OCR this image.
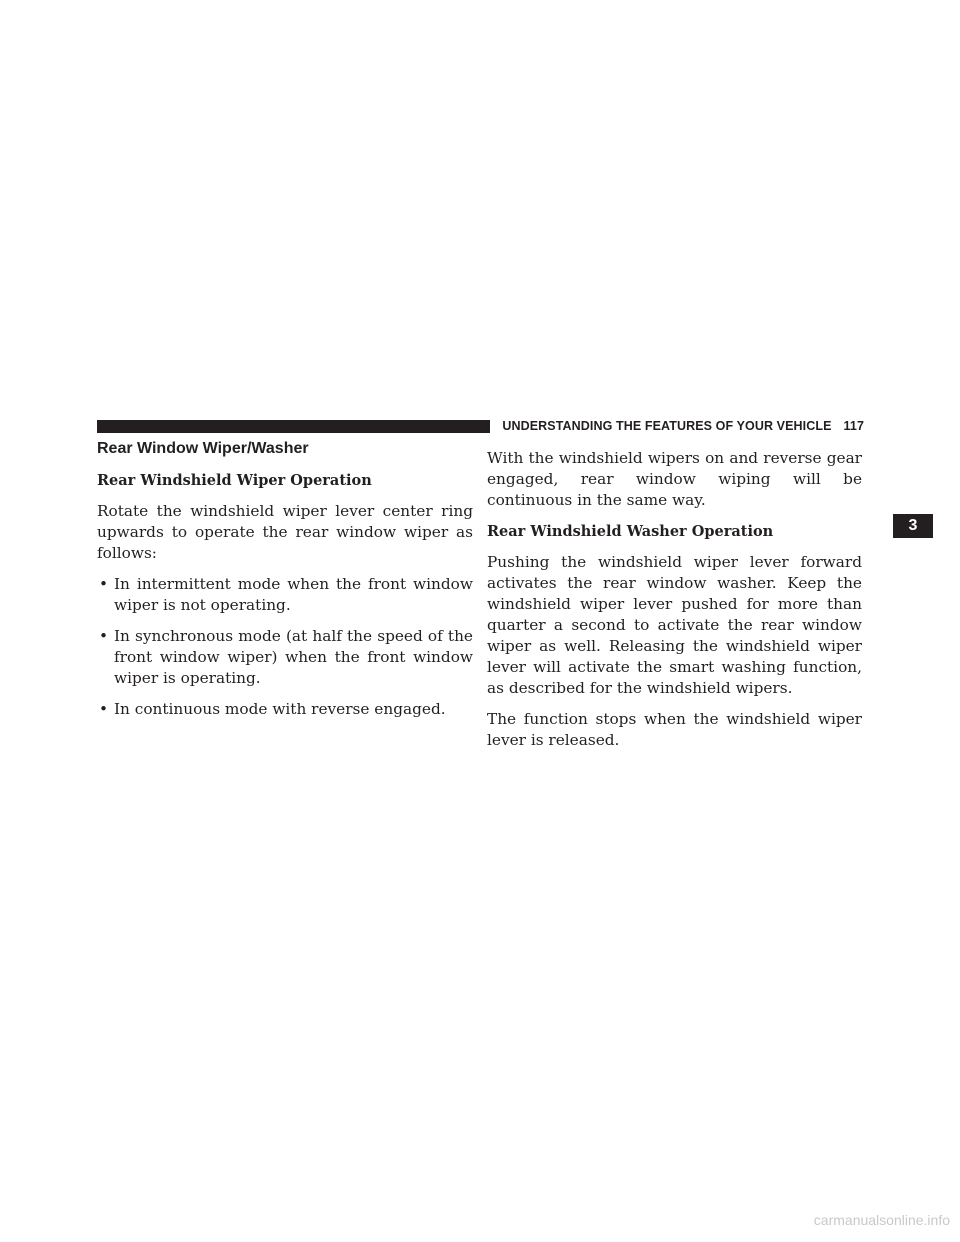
UNDERSTANDING THE FEATURES OF YOUR VEHICLE 117
Rear Window Wiper/Washer
Rear Windshield Wiper Operation

Rotate the windshield wiper lever center ring upwards to operate the rear window wiper as follows:

• In intermittent mode when the front window wiper is not operating.
• In synchronous mode (at half the speed of the front window wiper) when the front window wiper is operating.
• In continuous mode with reverse engaged.

With the windshield wipers on and reverse gear engaged, rear window wiping will be continuous in the same way.

Rear Windshield Washer Operation

Pushing the windshield wiper lever forward activates the rear window washer. Keep the windshield wiper lever pushed for more than quarter a second to activate the rear window wiper as well. Releasing the windshield wiper lever will activate the smart washing function, as described for the windshield wipers.

The function stops when the windshield wiper lever is released.

3
carmanualsonline.info
